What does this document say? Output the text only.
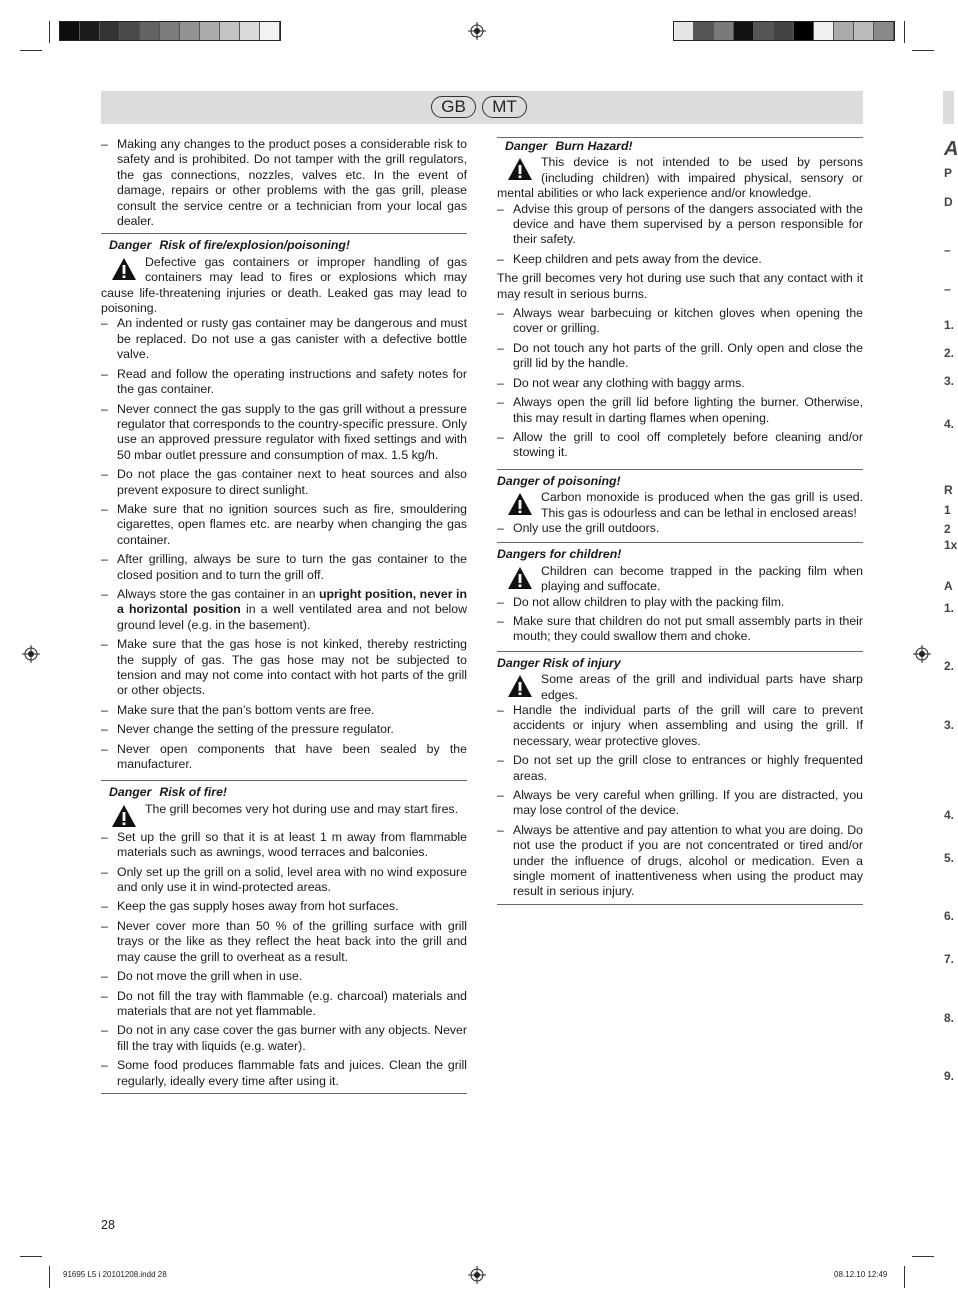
GB	MT
– Making any changes to the product poses a considerable risk to safety and is prohibited. Do not tamper with the grill regulators, the gas connections, nozzles, valves etc. In the event of damage, repairs or other problems with the gas grill, please consult the service centre or a technician from your local gas dealer.
Danger Risk of fire/explosion/poisoning!
Defective gas containers or improper handling of gas containers may lead to fires or explosions which may cause life-threatening injuries or death. Leaked gas may lead to poisoning.
– An indented or rusty gas container may be dangerous and must be replaced. Do not use a gas canister with a defective bottle valve.
– Read and follow the operating instructions and safety notes for the gas container.
– Never connect the gas supply to the gas grill without a pressure regulator that corresponds to the country-specific pressure. Only use an approved pressure regulator with fixed settings and with 50 mbar outlet pressure and consumption of max. 1.5 kg/h.
– Do not place the gas container next to heat sources and also prevent exposure to direct sunlight.
– Make sure that no ignition sources such as fire, smouldering cigarettes, open flames etc. are nearby when changing the gas container.
– After grilling, always be sure to turn the gas container to the closed position and to turn the grill off.
– Always store the gas container in an upright position, never in a horizontal position in a well ventilated area and not below ground level (e.g. in the basement).
– Make sure that the gas hose is not kinked, thereby restricting the supply of gas. The gas hose may not be subjected to tension and may not come into contact with hot parts of the grill or other objects.
– Make sure that the pan’s bottom vents are free.
– Never change the setting of the pressure regulator.
– Never open components that have been sealed by the manufacturer.
Danger Risk of fire!
The grill becomes very hot during use and may start fires.
– Set up the grill so that it is at least 1 m away from flammable materials such as awnings, wood terraces and balconies.
– Only set up the grill on a solid, level area with no wind exposure and only use it in wind-protected areas.
– Keep the gas supply hoses away from hot surfaces.
– Never cover more than 50 % of the grilling surface with grill trays or the like as they reflect the heat back into the grill and may cause the grill to overheat as a result.
– Do not move the grill when in use.
– Do not fill the tray with flammable (e.g. charcoal) materials and materials that are not yet flammable.
– Do not in any case cover the gas burner with any objects. Never fill the tray with liquids (e.g. water).
– Some food produces flammable fats and juices. Clean the grill regularly, ideally every time after using it.
Danger Burn Hazard!
This device is not intended to be used by persons (including children) with impaired physical, sensory or mental abilities or who lack experience and/or knowledge.
– Advise this group of persons of the dangers associated with the device and have them supervised by a person responsible for their safety.
– Keep children and pets away from the device.
The grill becomes very hot during use such that any contact with it may result in serious burns.
– Always wear barbecuing or kitchen gloves when opening the cover or grilling.
– Do not touch any hot parts of the grill. Only open and close the grill lid by the handle.
– Do not wear any clothing with baggy arms.
– Always open the grill lid before lighting the burner. Otherwise, this may result in darting flames when opening.
– Allow the grill to cool off completely before cleaning and/or stowing it.
Danger of poisoning!
Carbon monoxide is produced when the gas grill is used. This gas is odourless and can be lethal in enclosed areas!
– Only use the grill outdoors.
Dangers for children!
Children can become trapped in the packing film when playing and suffocate.
– Do not allow children to play with the packing film.
– Make sure that children do not put small assembly parts in their mouth; they could swallow them and choke.
Danger Risk of injury
Some areas of the grill and individual parts have sharp edges.
– Handle the individual parts of the grill will care to prevent accidents or injury when assembling and using the grill. If necessary, wear protective gloves.
– Do not set up the grill close to entrances or highly frequented areas.
– Always be very careful when grilling. If you are distracted, you may lose control of the device.
– Always be attentive and pay attention to what you are doing. Do not use the product if you are not concentrated or tired and/or under the influence of drugs, alcohol or medication. Even a single moment of inattentiveness when using the product may result in serious injury.
A
P
D
–
–
1.
2.
3.
4.
R
1
2
1x
A
1.
2.
3.
4.
5.
6.
7.
8.
9.
28
91695 L5 i 20101208.indd 28	08.12.10 12:49
